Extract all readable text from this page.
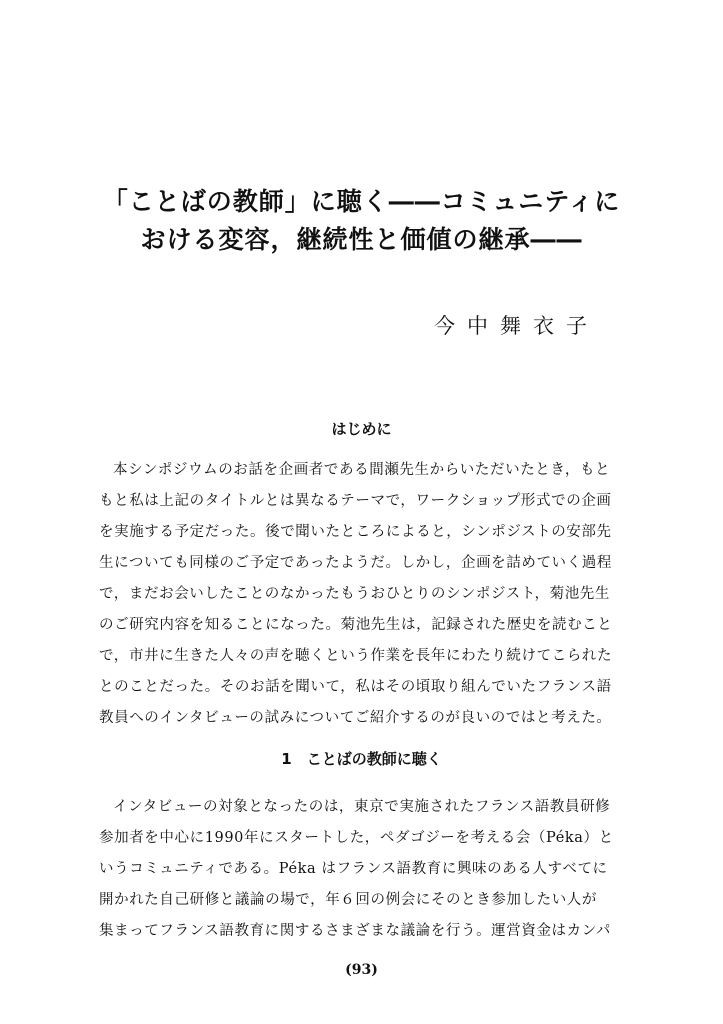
「ことばの教師」に聴く――コミュニティに
おける変容，継続性と価値の継承――
今中舞衣子
はじめに
本シンポジウムのお話を企画者である間瀬先生からいただいたとき，もと
もと私は上記のタイトルとは異なるテーマで，ワークショップ形式での企画
を実施する予定だった。後で聞いたところによると，シンポジストの安部先
生についても同様のご予定であったようだ。しかし，企画を詰めていく過程
で，まだお会いしたことのなかったもうおひとりのシンポジスト，菊池先生
のご研究内容を知ることになった。菊池先生は，記録された歴史を読むこと
で，市井に生きた人々の声を聴くという作業を長年にわたり続けてこられた
とのことだった。そのお話を聞いて，私はその頃取り組んでいたフランス語
教員へのインタビューの試みについてご紹介するのが良いのではと考えた。
1　ことばの教師に聴く
インタビューの対象となったのは，東京で実施されたフランス語教員研修
参加者を中心に1990年にスタートした，ペダゴジーを考える会（Péka）と
いうコミュニティである。Péka はフランス語教育に興味のある人すべてに
開かれた自己研修と議論の場で，年６回の例会にそのとき参加したい人が
集まってフランス語教育に関するさまざまな議論を行う。運営資金はカンパ
(93)
